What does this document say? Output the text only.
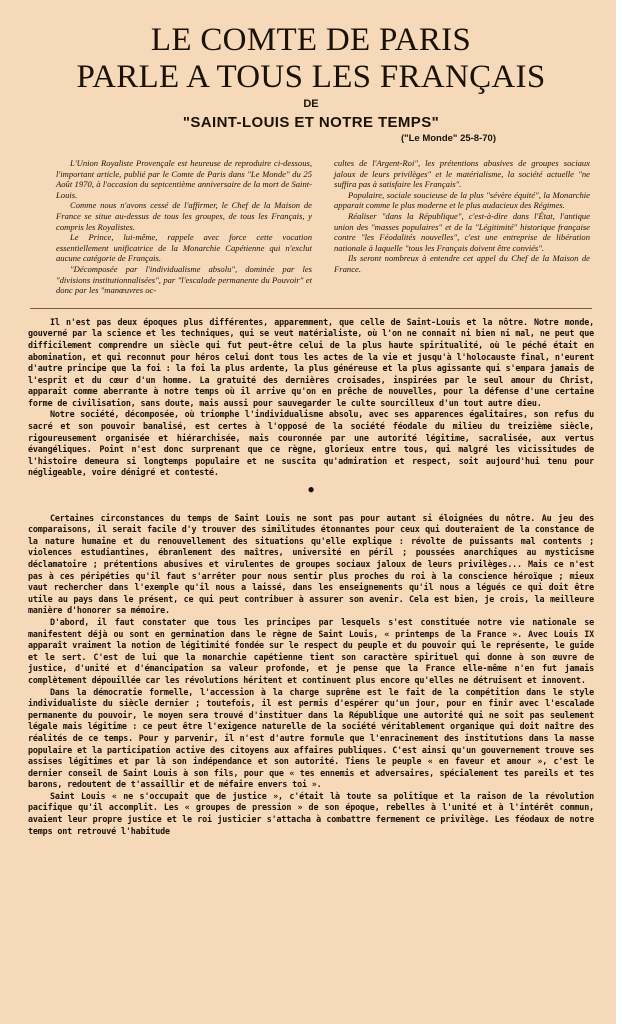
LE COMTE DE PARIS
PARLE A TOUS LES FRANÇAIS
DE
"SAINT-LOUIS ET NOTRE TEMPS"
("Le Monde" 25-8-70)

L'Union Royaliste Provençale est heureuse de reproduire ci-dessous, l'important article, publié par le Comte de Paris dans "Le Monde" du 25 Août 1970, à l'occasion du septcentième anniversaire de la mort de Saint-Louis.

Comme nous n'avons cessé de l'affirmer, le Chef de la Maison de France se situe au-dessus de tous les groupes, de tous les Français, y compris les Royalistes.

Le Prince, lui-même, rappele avec force cette vocation essentiellement unificatrice de la Monarchie Capétienne qui n'exclut aucune catégorie de Français.

"Décomposée par l'individualisme absolu", dominée par les "divisions institutionnalisées", par "l'escalade permanente du Pouvoir" et donc par les "manœuvres oc-

cultes de l'Argent-Roi", les prétentions abusives de groupes sociaux jaloux de leurs privilèges" et le matérialisme, la société actuelle "ne suffira pas à satisfaire les Français".

Populaire, sociale soucieuse de la plus "sévère équité", la Monarchie apparait comme le plus moderne et le plus audacieux des Régimes.

Réaliser "dans la République", c'est-à-dire dans l'État, l'antique union des "masses populaires" et de la "Légitimité" historique française contre "les Féodalités nouvelles", c'est une entreprise de libération nationale à laquelle "tous les Français doivent être conviés".

Ils seront nombreux à entendre cet appel du Chef de la Maison de France.

Il n'est pas deux époques plus différentes, apparemment, que celle de Saint-Louis et la nôtre. Notre monde, gouverné par la science et les techniques, qui se veut matérialiste, où l'on ne connait ni bien ni mal, ne peut que difficilement comprendre un siècle qui fut peut-être celui de la plus haute spiritualité, où le péché était en abomination, et qui reconnut pour héros celui dont tous les actes de la vie et jusqu'à l'holocauste final, n'eurent d'autre principe que la foi : la foi la plus ardente, la plus généreuse et la plus agissante qui s'empara jamais de l'esprit et du cœur d'un homme. La gratuité des dernières croisades, inspirées par le seul amour du Christ, apparait comme aberrante à notre temps où il arrive qu'on en prêche de nouvelles, pour la défense d'une certaine forme de civilisation, sans doute, mais aussi pour sauvegarder le culte sourcilleux d'un tout autre dieu.

Notre société, décomposée, où triomphe l'individualisme absolu, avec ses apparences égalitaires, son refus du sacré et son pouvoir banalisé, est certes à l'opposé de la société féodale du milieu du treizième siècle, rigoureusement organisée et hiérarchisée, mais couronnée par une autorité légitime, sacralisée, aux vertus évangéliques. Point n'est donc surprenant que ce règne, glorieux entre tous, qui malgré les vicissitudes de l'histoire demeura si longtemps populaire et ne suscita qu'admiration et respect, soit aujourd'hui tenu pour négligeable, voire dénigré et contesté.

●

Certaines circonstances du temps de Saint Louis ne sont pas pour autant si éloignées du nôtre. Au jeu des comparaisons, il serait facile d'y trouver des similitudes étonnantes pour ceux qui douteraient de la constance de la nature humaine et du renouvellement des situations qu'elle explique : révolte de puissants mal contents ; violences estudiantines, ébranlement des maîtres, université en péril ; poussées anarchiques au mysticisme déclamatoire ; prétentions abusives et virulentes de groupes sociaux jaloux de leurs privilèges... Mais ce n'est pas à ces péripéties qu'il faut s'arrêter pour nous sentir plus proches du roi à la conscience héroïque ; mieux vaut rechercher dans l'exemple qu'il nous a laissé, dans les enseignements qu'il nous a légués ce qui doit être utile au pays dans le présent, ce qui peut contribuer à assurer son avenir. Cela est bien, je crois, la meilleure manière d'honorer sa mémoire.

D'abord, il faut constater que tous les principes par lesquels s'est constituée notre vie nationale se manifestent déjà ou sont en germination dans le règne de Saint Louis, « printemps de la France ». Avec Louis IX apparaît vraiment la notion de légitimité fondée sur le respect du peuple et du pouvoir qui le représente, le guide et le sert. C'est de lui que la monarchie capétienne tient son caractère spirituel qui donne à son œuvre de justice, d'unité et d'émancipation sa valeur profonde, et je pense que la France elle-même n'en fut jamais complètement dépouillée car les révolutions héritent et continuent plus encore qu'elles ne détruisent et innovent.

Dans la démocratie formelle, l'accession à la charge suprême est le fait de la compétition dans le style individualiste du siècle dernier ; toutefois, il est permis d'espérer qu'un jour, pour en finir avec l'escalade permanente du pouvoir, le moyen sera trouvé d'instituer dans la République une autorité qui ne soit pas seulement légale mais légitime : ce peut être l'exigence naturelle de la société véritablement organique qui doit naître des réalités de ce temps. Pour y parvenir, il n'est d'autre formule que l'enracinement des institutions dans la masse populaire et la participation active des citoyens aux affaires publiques. C'est ainsi qu'un gouvernement trouve ses assises légitimes et par là son indépendance et son autorité. Tiens le peuple « en faveur et amour », c'est le dernier conseil de Saint Louis à son fils, pour que « tes ennemis et adversaires, spécialement tes pareils et tes barons, redoutent de t'assaillir et de méfaire envers toi ».

Saint Louis « ne s'occupait que de justice », c'était là toute sa politique et la raison de la révolution pacifique qu'il accomplit. Les « groupes de pression » de son époque, rebelles à l'unité et à l'intérêt commun, avaient leur propre justice et le roi justicier s'attacha à combattre fermement ce privilège. Les féodaux de notre temps ont retrouvé l'habitude
